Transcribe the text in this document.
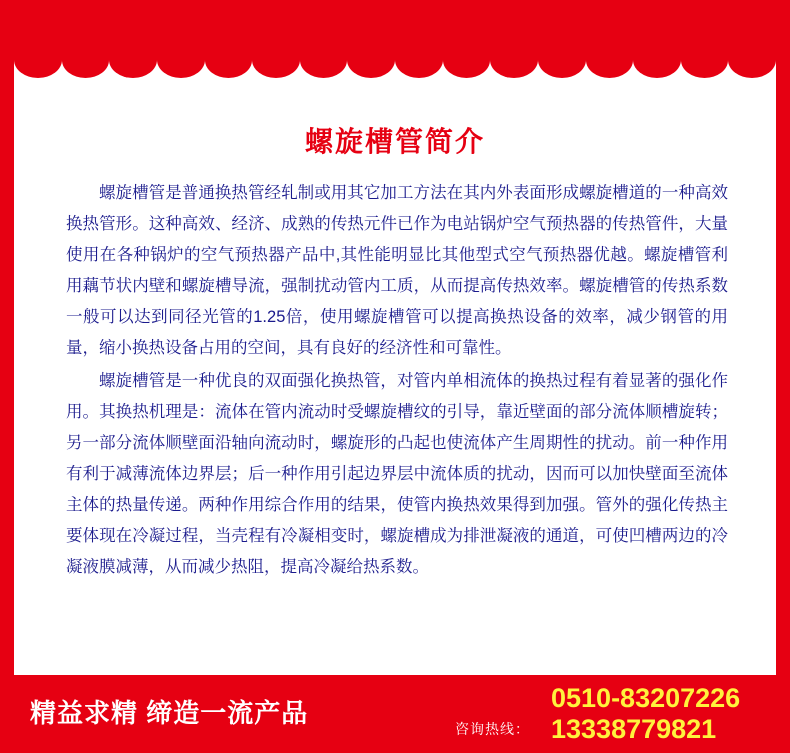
螺旋槽管简介

螺旋槽管是普通换热管经轧制或用其它加工方法在其内外表面形成螺旋槽道的一种高效换热管形。这种高效、经济、成熟的传热元件已作为电站锅炉空气预热器的传热管件，大量使用在各种锅炉的空气预热器产品中,其性能明显比其他型式空气预热器优越。螺旋槽管利用藕节状内壁和螺旋槽导流，强制扰动管内工质，从而提高传热效率。螺旋槽管的传热系数一般可以达到同径光管的1.25倍，使用螺旋槽管可以提高换热设备的效率，减少钢管的用量，缩小换热设备占用的空间，具有良好的经济性和可靠性。

螺旋槽管是一种优良的双面强化换热管，对管内单相流体的换热过程有着显著的强化作用。其换热机理是：流体在管内流动时受螺旋槽纹的引导，靠近壁面的部分流体顺槽旋转；另一部分流体顺壁面沿轴向流动时，螺旋形的凸起也使流体产生周期性的扰动。前一种作用有利于减薄流体边界层；后一种作用引起边界层中流体质的扰动，因而可以加快壁面至流体主体的热量传递。两种作用综合作用的结果，使管内换热效果得到加强。管外的强化传热主要体现在冷凝过程，当壳程有冷凝相变时，螺旋槽成为排泄凝液的通道，可使凹槽两边的冷凝液膜减薄，从而减少热阻，提高冷凝给热系数。

精益求精 缔造一流产品
咨询热线：
0510-83207226
13338779821
